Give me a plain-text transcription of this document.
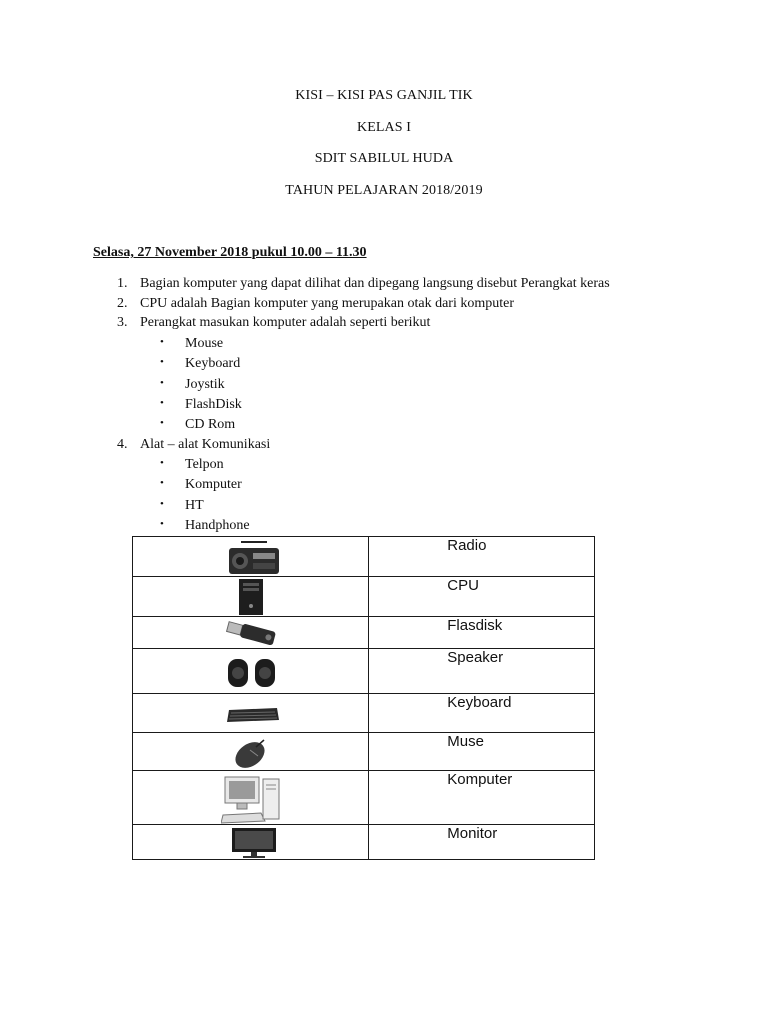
KISI – KISI PAS GANJIL TIK
KELAS I
SDIT SABILUL HUDA
TAHUN PELAJARAN 2018/2019
Selasa, 27 November 2018 pukul 10.00 – 11.30
1. Bagian komputer yang dapat dilihat dan dipegang langsung disebut Perangkat keras
2. CPU adalah Bagian komputer yang merupakan otak dari komputer
3. Perangkat masukan komputer adalah seperti berikut
• Mouse
• Keyboard
• Joystik
• FlashDisk
• CD Rom
4. Alat – alat Komunikasi
• Telpon
• Komputer
• HT
• Handphone

Radio

CPU

Flasdisk

Speaker

Keyboard

Muse

Komputer

Monitor
